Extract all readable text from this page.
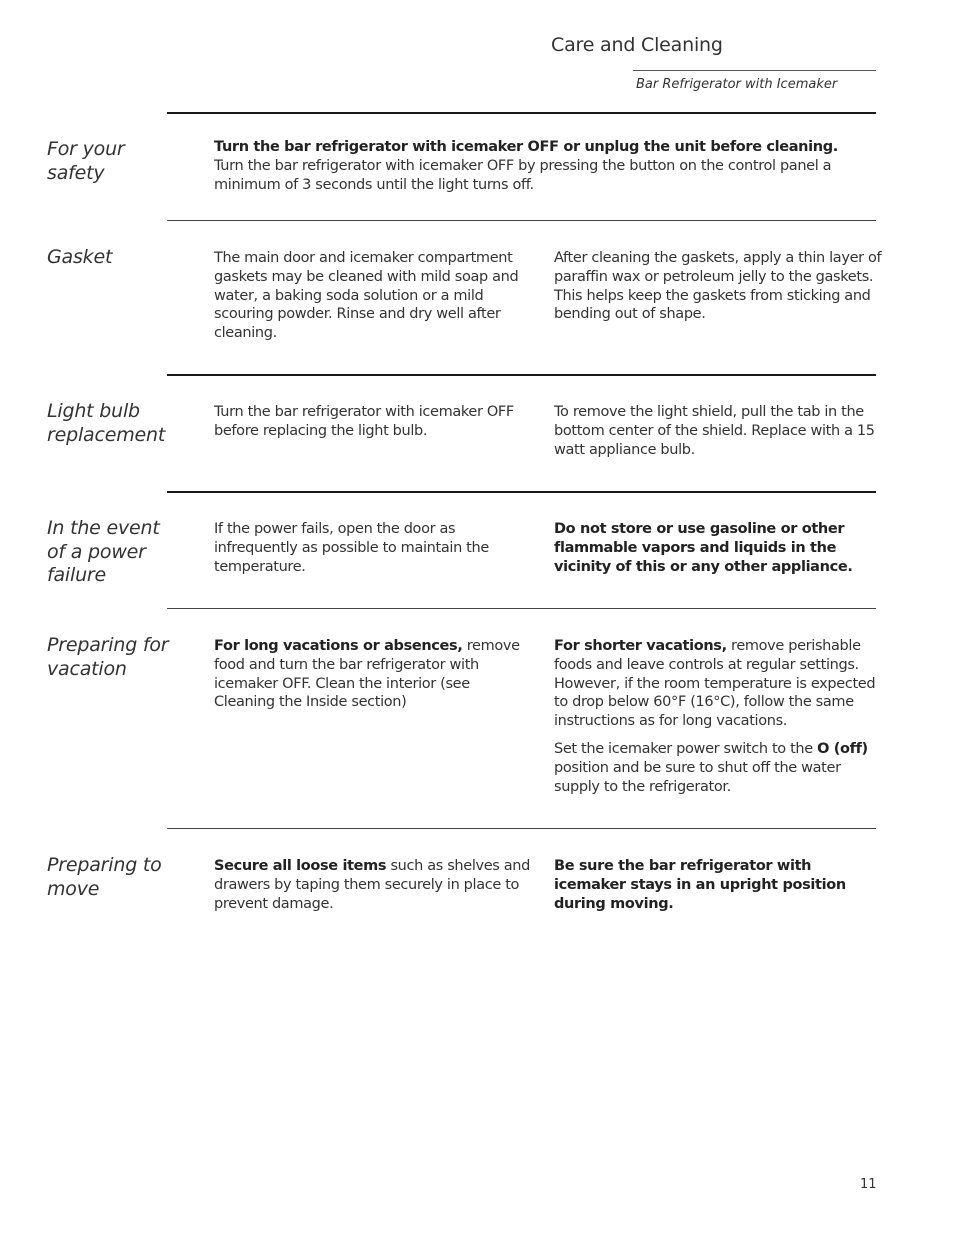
Care and Cleaning
Bar Refrigerator with Icemaker
For your safety

Turn the bar refrigerator with icemaker OFF or unplug the unit before cleaning.
Turn the bar refrigerator with icemaker OFF by pressing the button on the control panel a minimum of 3 seconds until the light turns off.

Gasket	The main door and icemaker compartment gaskets may be cleaned with mild soap and water, a baking soda solution or a mild scouring powder. Rinse and dry well after cleaning.

After cleaning the gaskets, apply a thin layer of paraffin wax or petroleum jelly to the gaskets. This helps keep the gaskets from sticking and bending out of shape.

Light bulb replacement

Turn the bar refrigerator with icemaker OFF before replacing the light bulb.

To remove the light shield, pull the tab in the bottom center of the shield. Replace with a 15 watt appliance bulb.

In the event of a power failure

If the power fails, open the door as infrequently as possible to maintain the temperature.

Do not store or use gasoline or other flammable vapors and liquids in the vicinity of this or any other appliance.

Preparing for vacation

For long vacations or absences, remove food and turn the bar refrigerator with icemaker OFF. Clean the interior (see Cleaning the Inside section)

For shorter vacations, remove perishable foods and leave controls at regular settings. However, if the room temperature is expected to drop below 60°F (16°C), follow the same instructions as for long vacations.

Set the icemaker power switch to the O (off) position and be sure to shut off the water supply to the refrigerator.

Preparing to move

Secure all loose items such as shelves and drawers by taping them securely in place to prevent damage.

Be sure the bar refrigerator with icemaker stays in an upright position during moving.

11
